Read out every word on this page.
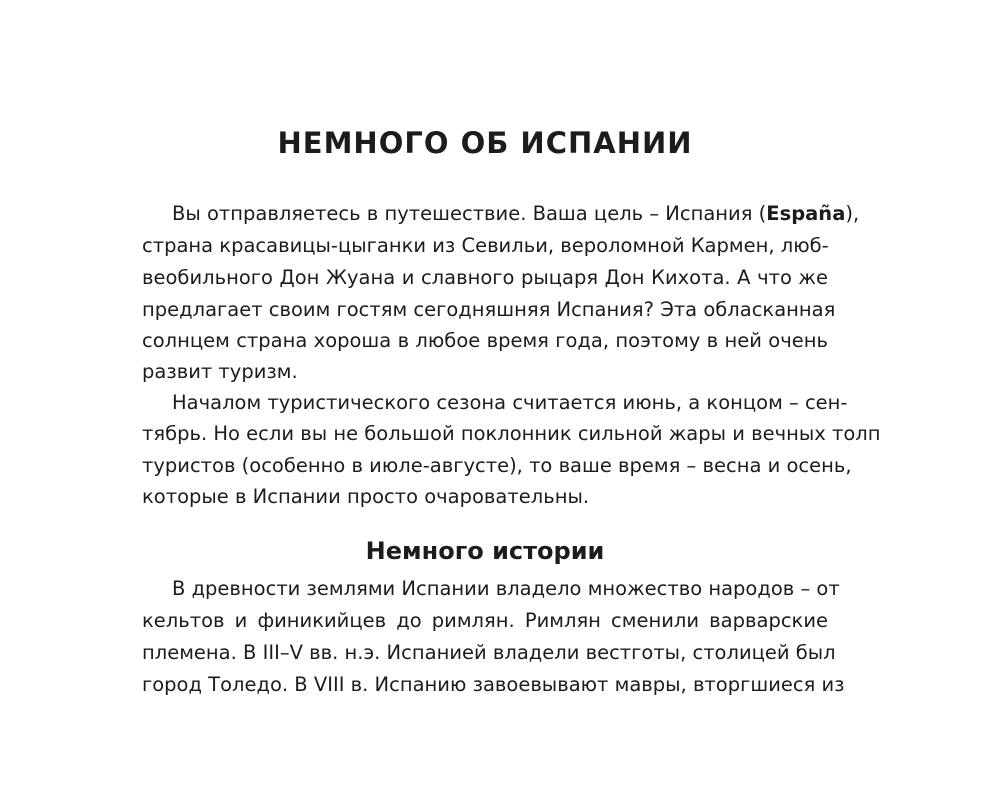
НЕМНОГО ОБ ИСПАНИИ
Вы отправляетесь в путешествие. Ваша цель – Испания (España),
страна красавицы-цыганки из Севильи, вероломной Кармен, люб-
веобильного Дон Жуана и славного рыцаря Дон Кихота. А что же
предлагает своим гостям сегодняшняя Испания? Эта обласканная
солнцем страна хороша в любое время года, поэтому в ней очень
развит туризм.
Началом туристического сезона считается июнь, а концом – сен-
тябрь. Но если вы не большой поклонник сильной жары и вечных толп
туристов (особенно в июле-августе), то ваше время – весна и осень,
которые в Испании просто очаровательны.
Немного истории
В древности землями Испании владело множество народов – от
кельтов и финикийцев до римлян. Римлян сменили варварские
племена. В III–V вв. н.э. Испанией владели вестготы, столицей был
город Толедо. В VIII в. Испанию завоевывают мавры, вторгшиеся из
